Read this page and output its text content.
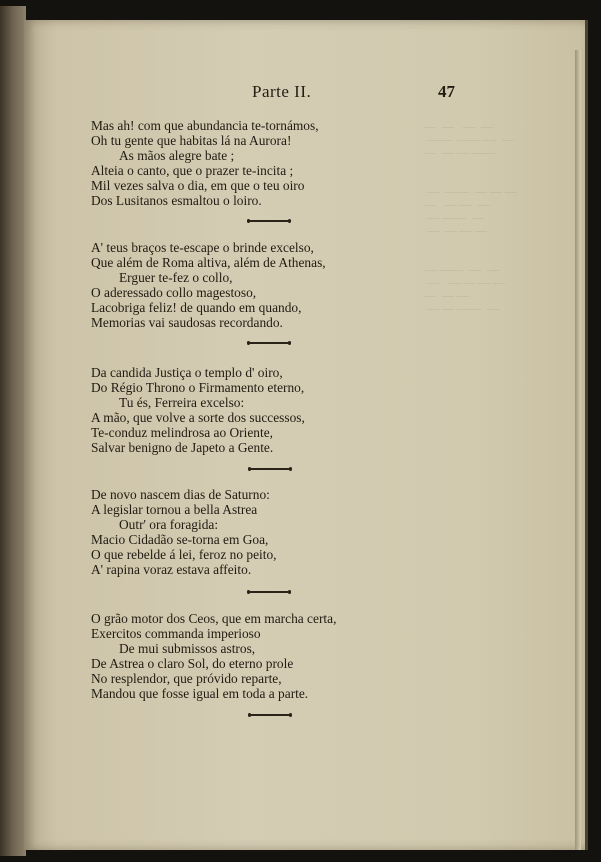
—  —   —  —
——  —— —  —
—  — — ——

—  ——  — — —
—   — —  —
— ——  —
—  — — —

— ——  —  —
—   — — — —
—  — —
— — ——  —
Parte II.	47
Mas ah! com que abundancia te-tornámos,
Oh tu gente que habitas lá na Aurora!
As mãos alegre bate ;
Alteia o canto, que o prazer te-incita ;
Mil vezes salva o dia, em que o teu oiro
Dos Lusitanos esmaltou o loiro.
A' teus braços te-escape o brinde excelso,
Que além de Roma altiva, além de Athenas,
Erguer te-fez o collo,
O aderessado collo magestoso,
Lacobriga feliz! de quando em quando,
Memorias vai saudosas recordando.
Da candida Justiça o templo d' oiro,
Do Régio Throno o Firmamento eterno,
Tu és, Ferreira excelso:
A mão, que volve a sorte dos successos,
Te-conduz melindrosa ao Oriente,
Salvar benigno de Japeto a Gente.
De novo nascem dias de Saturno:
A legislar tornou a bella Astrea
Outr' ora foragida:
Macio Cidadão se-torna em Goa,
O que rebelde á lei, feroz no peito,
A' rapina voraz estava affeito.
O grão motor dos Ceos, que em marcha certa,
Exercitos commanda imperioso
De mui submissos astros,
De Astrea o claro Sol, do eterno prole
No resplendor, que próvido reparte,
Mandou que fosse igual em toda a parte.
